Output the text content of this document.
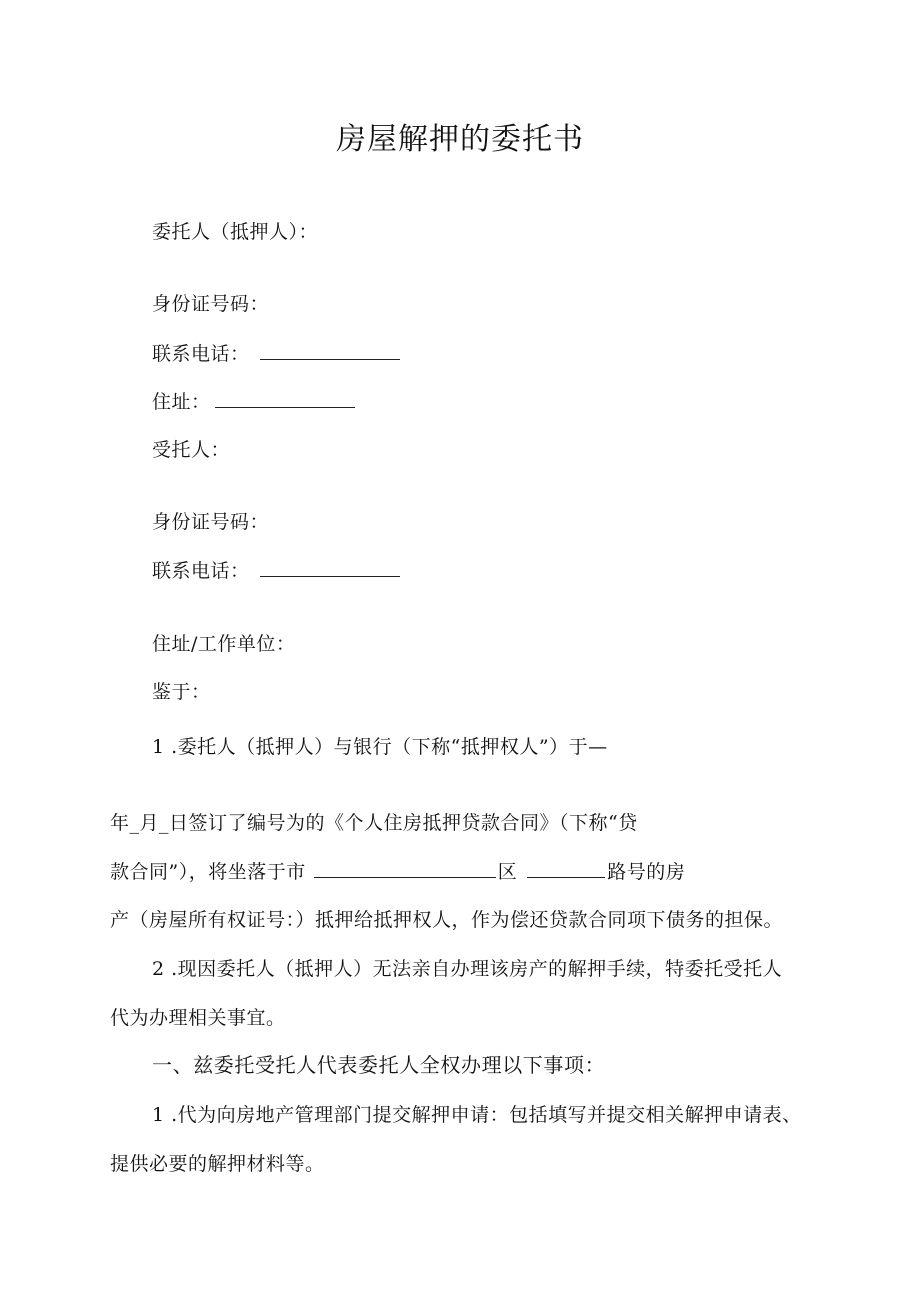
房屋解押的委托书
委托人（抵押人）：
身份证号码：
联系电话：
住址：
受托人：
身份证号码：
联系电话：
住址/工作单位：
鉴于：
1 .委托人（抵押人）与银行（下称“抵押权人”）于—
年_月_日签订了编号为的《个人住房抵押贷款合同》（下称“贷
款合同”），将坐落于市	区	路号的房
产（房屋所有权证号：）抵押给抵押权人，作为偿还贷款合同项下债务的担保。
2 .现因委托人（抵押人）无法亲自办理该房产的解押手续，特委托受托人
代为办理相关事宜。
一、兹委托受托人代表委托人全权办理以下事项：
1 .代为向房地产管理部门提交解押申请：包括填写并提交相关解押申请表、
提供必要的解押材料等。
